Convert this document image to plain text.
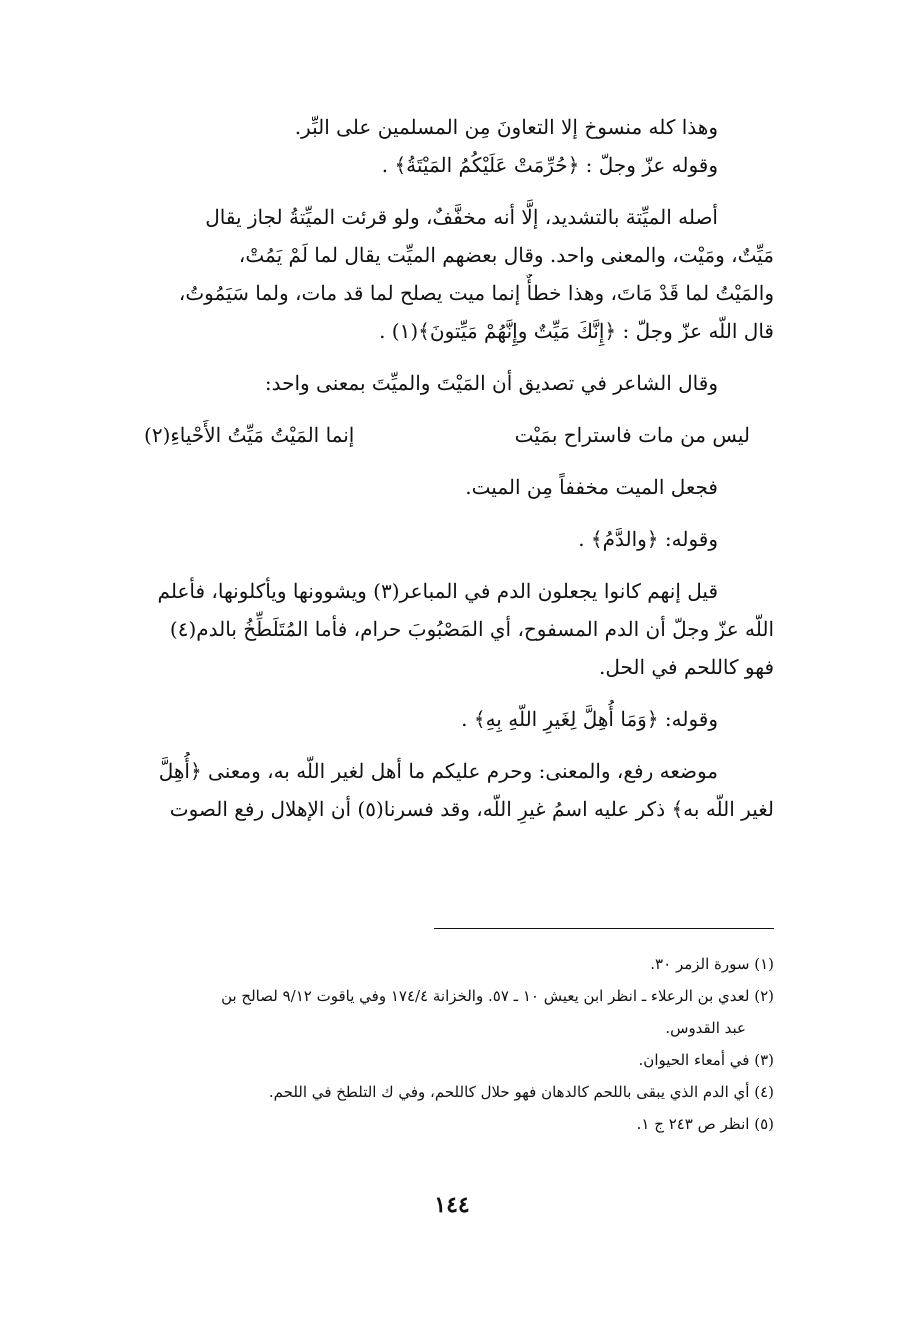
وهذا كله منسوخ إلا التعاونَ مِن المسلمين على البِّر.
وقوله عزّ وجلّ : ﴿حُرِّمَتْ عَلَيْكُمُ المَيْتَةُ﴾ .
أصله الميِّتة بالتشديد، إلَّا أنه مخفَّفٌ، ولو قرئت الميِّتةُ لجاز يقال
مَيِّتٌ، ومَيْت، والمعنى واحد. وقال بعضهم الميِّت يقال لما لَمْ يَمُتْ،
والمَيْتُ لما قَدْ مَاتَ، وهذا خطأٌ إنما ميت يصلح لما قد مات، ولما سَيَمُوتُ،
قال اللّه عزّ وجلّ : ﴿إِنَّكَ مَيِّتٌ وإِنَّهُمْ مَيِّتونَ﴾(١) .
وقال الشاعر في تصديق أن المَيْتَ والميِّتَ بمعنى واحد:
ليس من مات فاستراح بمَيْت
إنما المَيْتُ مَيِّتُ الأَحْياءِ(٢)
فجعل الميت مخففاً مِن الميت.
وقوله: ﴿والدَّمُ﴾ .
قيل إنهم كانوا يجعلون الدم في المباعر(٣) ويشوونها ويأكلونها، فأعلم
اللّه عزّ وجلّ أن الدم المسفوح، أي المَصْبُوبَ حرام، فأما المُتَلَطِّخُ بالدم(٤)
فهو كاللحم في الحل.
وقوله: ﴿وَمَا أُهِلَّ لِغَيرِ اللّهِ بِهِ﴾ .
موضعه رفع، والمعنى: وحرم عليكم ما أهل لغير اللّه به، ومعنى ﴿أُهِلَّ
لغير اللّه به﴾ ذكر عليه اسمُ غيرِ اللّه، وقد فسرنا(٥) أن الإهلال رفع الصوت
(١) سورة الزمر ٣٠.
(٢) لعدي بن الرعلاء ـ انظر ابن يعيش ١٠ ـ ٥٧. والخزانة ١٧٤/٤ وفي ياقوت ٩/١٢ لصالح بن
عبد القدوس.
(٣) في أمعاء الحيوان.
(٤) أي الدم الذي يبقى باللحم كالدهان فهو حلال كاللحم، وفي ك التلطخ في اللحم.
(٥) انظر ص ٢٤٣ ج ١.
١٤٤
